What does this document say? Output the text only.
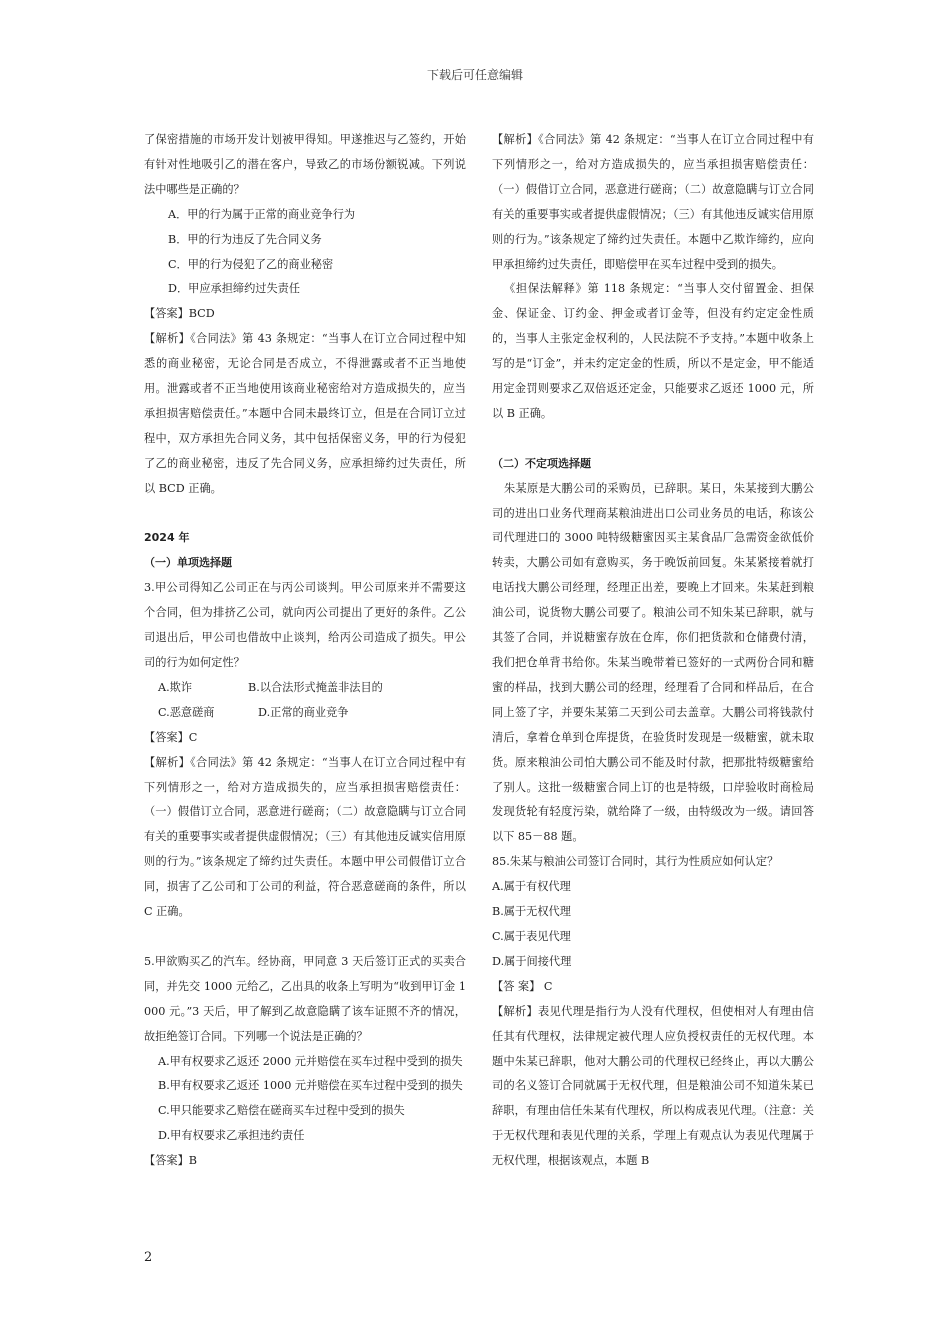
下载后可任意编辑

了保密措施的市场开发计划被甲得知。甲遂推迟与乙签约，开始有针对性地吸引乙的潜在客户，导致乙的市场份额锐减。下列说法中哪些是正确的？

A．甲的行为属于正常的商业竞争行为

B．甲的行为违反了先合同义务

C．甲的行为侵犯了乙的商业秘密

D．甲应承担缔约过失责任

【答案】BCD

【解析】《合同法》第 43 条规定：“当事人在订立合同过程中知悉的商业秘密，无论合同是否成立，不得泄露或者不正当地使用。泄露或者不正当地使用该商业秘密给对方造成损失的，应当承担损害赔偿责任。”本题中合同未最终订立，但是在合同订立过程中，双方承担先合同义务，其中包括保密义务，甲的行为侵犯了乙的商业秘密，违反了先合同义务，应承担缔约过失责任，所以 BCD 正确。

2024 年

（一）单项选择题

3.甲公司得知乙公司正在与丙公司谈判。甲公司原来并不需要这个合同，但为排挤乙公司，就向丙公司提出了更好的条件。乙公司退出后，甲公司也借故中止谈判，给丙公司造成了损失。甲公司的行为如何定性？

A.欺诈	B.以合法形式掩盖非法目的
C.恶意磋商	D.正常的商业竞争

【答案】C

【解析】《合同法》第 42 条规定：“当事人在订立合同过程中有下列情形之一，给对方造成损失的，应当承担损害赔偿责任：（一）假借订立合同，恶意进行磋商；（二）故意隐瞒与订立合同有关的重要事实或者提供虚假情况；（三）有其他违反诚实信用原则的行为。”该条规定了缔约过失责任。本题中甲公司假借订立合同，损害了乙公司和丁公司的利益，符合恶意磋商的条件，所以 C 正确。

5.甲欲购买乙的汽车。经协商，甲同意 3 天后签订正式的买卖合同，并先交 1000 元给乙，乙出具的收条上写明为“收到甲订金 1000 元。”3 天后，甲了解到乙故意隐瞒了该车证照不齐的情况，故拒绝签订合同。下列哪一个说法是正确的？

A.甲有权要求乙返还 2000 元并赔偿在买车过程中受到的损失

B.甲有权要求乙返还 1000 元并赔偿在买车过程中受到的损失

C.甲只能要求乙赔偿在磋商买车过程中受到的损失

D.甲有权要求乙承担违约责任

【答案】B

【解析】《合同法》第 42 条规定：“当事人在订立合同过程中有下列情形之一，给对方造成损失的，应当承担损害赔偿责任：（一）假借订立合同，恶意进行磋商；（二）故意隐瞒与订立合同有关的重要事实或者提供虚假情况；（三）有其他违反诚实信用原则的行为。”该条规定了缔约过失责任。本题中乙欺诈缔约，应向甲承担缔约过失责任，即赔偿甲在买车过程中受到的损失。

《担保法解释》第 118 条规定：“当事人交付留置金、担保金、保证金、订约金、押金或者订金等，但没有约定定金性质的，当事人主张定金权利的，人民法院不予支持。”本题中收条上写的是“订金”，并未约定定金的性质，所以不是定金，甲不能适用定金罚则要求乙双倍返还定金，只能要求乙返还 1000 元，所以 B 正确。

（二）不定项选择题

朱某原是大鹏公司的采购员，已辞职。某日，朱某接到大鹏公司的进出口业务代理商某粮油进出口公司业务员的电话，称该公司代理进口的 3000 吨特级糖蜜因买主某食品厂急需资金欲低价转卖，大鹏公司如有意购买，务于晚饭前回复。朱某紧接着就打电话找大鹏公司经理，经理正出差，要晚上才回来。朱某赶到粮油公司，说货物大鹏公司要了。粮油公司不知朱某已辞职，就与其签了合同，并说糖蜜存放在仓库，你们把货款和仓储费付清，我们把仓单背书给你。朱某当晚带着已签好的一式两份合同和糖蜜的样品，找到大鹏公司的经理，经理看了合同和样品后，在合同上签了字，并要朱某第二天到公司去盖章。大鹏公司将钱款付清后，拿着仓单到仓库提货，在验货时发现是一级糖蜜，就未取货。原来粮油公司怕大鹏公司不能及时付款，把那批特级糖蜜给了别人。这批一级糖蜜合同上订的也是特级，口岸验收时商检局发现货轮有轻度污染，就给降了一级，由特级改为一级。请回答以下 85－88 题。

85.朱某与粮油公司签订合同时，其行为性质应如何认定？

A.属于有权代理

B.属于无权代理

C.属于表见代理

D.属于间接代理

【答 案】 C

【解析】表见代理是指行为人没有代理权，但使相对人有理由信任其有代理权，法律规定被代理人应负授权责任的无权代理。本题中朱某已辞职，他对大鹏公司的代理权已经终止，再以大鹏公司的名义签订合同就属于无权代理，但是粮油公司不知道朱某已辞职，有理由信任朱某有代理权，所以构成表见代理。（注意：关于无权代理和表见代理的关系，学理上有观点认为表见代理属于无权代理，根据该观点，本题 B

2
